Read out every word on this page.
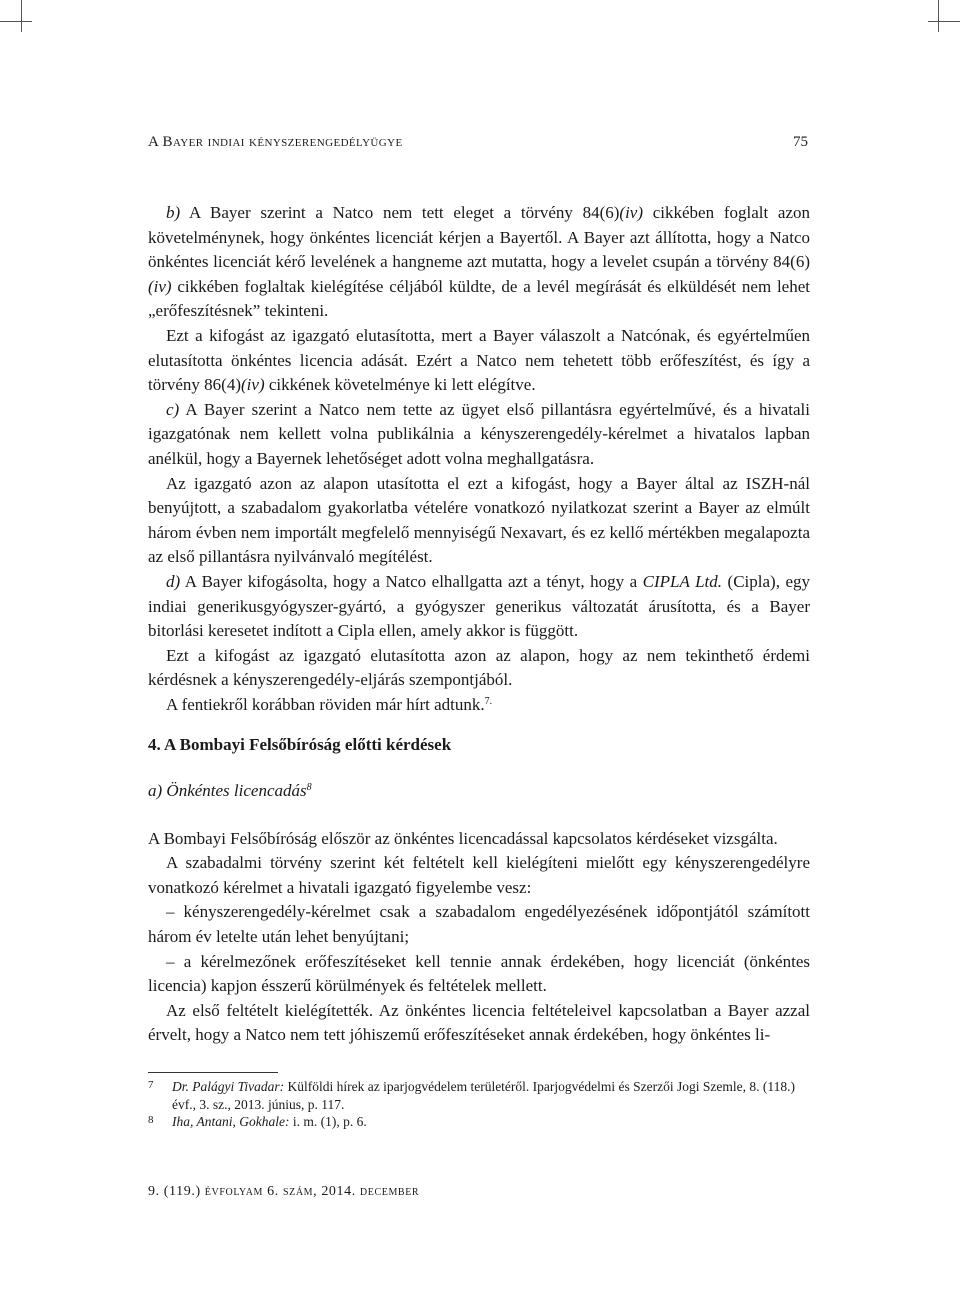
A Bayer indiai kényszerengedélyügye	75

b) A Bayer szerint a Natco nem tett eleget a törvény 84(6)(iv) cikkében foglalt azon követelménynek, hogy önkéntes licenciát kérjen a Bayertől. A Bayer azt állította, hogy a Natco önkéntes licenciát kérő levelének a hangneme azt mutatta, hogy a levelet csupán a törvény 84(6)(iv) cikkében foglaltak kielégítése céljából küldte, de a levél megírását és elküldését nem lehet „erőfeszítésnek” tekinteni.

Ezt a kifogást az igazgató elutasította, mert a Bayer válaszolt a Natcónak, és egyértelműen elutasította önkéntes licencia adását. Ezért a Natco nem tehetett több erőfeszítést, és így a törvény 86(4)(iv) cikkének követelménye ki lett elégítve.

c) A Bayer szerint a Natco nem tette az ügyet első pillantásra egyértelművé, és a hivatali igazgatónak nem kellett volna publikálnia a kényszerengedély-kérelmet a hivatalos lapban anélkül, hogy a Bayernek lehetőséget adott volna meghallgatásra.

Az igazgató azon az alapon utasította el ezt a kifogást, hogy a Bayer által az ISZH-nál benyújtott, a szabadalom gyakorlatba vételére vonatkozó nyilatkozat szerint a Bayer az elmúlt három évben nem importált megfelelő mennyiségű Nexavart, és ez kellő mértékben megalapozta az első pillantásra nyilvánvaló megítélést.

d) A Bayer kifogásolta, hogy a Natco elhallgatta azt a tényt, hogy a CIPLA Ltd. (Cipla), egy indiai generikusgyógyszer-gyártó, a gyógyszer generikus változatát árusította, és a Bayer bitorlási keresetet indított a Cipla ellen, amely akkor is függött.

Ezt a kifogást az igazgató elutasította azon az alapon, hogy az nem tekinthető érdemi kérdésnek a kényszerengedély-eljárás szempontjából.

A fentiekről korábban röviden már hírt adtunk.$^{7.}$

4. A Bombayi Felsőbíróság előtti kérdések
a) Önkéntes licencadás$^8$

A Bombayi Felsőbíróság először az önkéntes licencadással kapcsolatos kérdéseket vizsgálta.

A szabadalmi törvény szerint két feltételt kell kielégíteni mielőtt egy kényszerengedélyre vonatkozó kérelmet a hivatali igazgató figyelembe vesz:

– kényszerengedély-kérelmet csak a szabadalom engedélyezésének időpontjától számított három év letelte után lehet benyújtani;

– a kérelmezőnek erőfeszítéseket kell tennie annak érdekében, hogy licenciát (önkéntes licencia) kapjon ésszerű körülmények és feltételek mellett.

Az első feltételt kielégítették. Az önkéntes licencia feltételeivel kapcsolatban a Bayer azzal érvelt, hogy a Natco nem tett jóhiszemű erőfeszítéseket annak érdekében, hogy önkéntes li-

7	Dr. Palágyi Tivadar: Külföldi hírek az iparjogvédelem területéről. Iparjogvédelmi és Szerzői Jogi Szemle, 8. (118.) évf., 3. sz., 2013. június, p. 117.
8	Iha, Antani, Gokhale: i. m. (1), p. 6.
9. (119.) évfolyam 6. szám, 2014. december
